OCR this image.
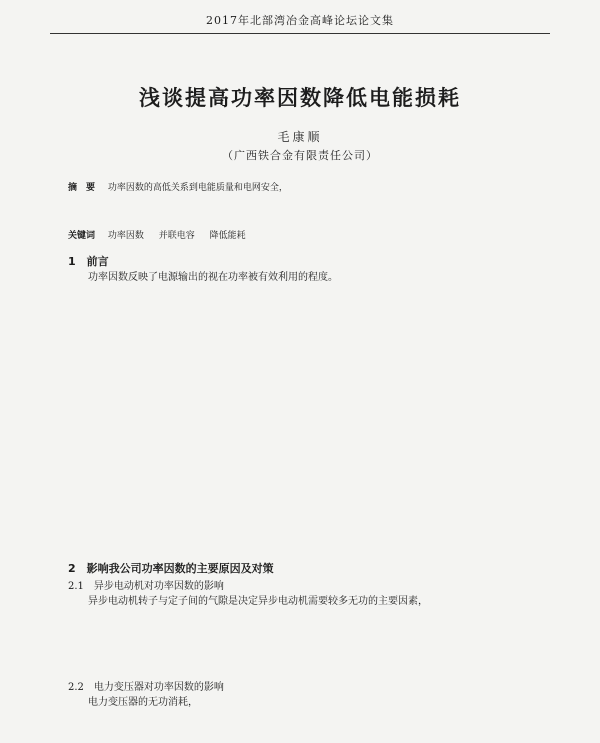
2017年北部湾冶金高峰论坛论文集
浅谈提高功率因数降低电能损耗
毛康顺
（广西铁合金有限责任公司）
摘　要 功率因数的高低关系到电能质量和电网安全，
关键词 功率因数 并联电容 降低能耗
1　前言
功率因数反映了电源输出的视在功率被有效利用的程度。
2　影响我公司功率因数的主要原因及对策
2.1　异步电动机对功率因数的影响
异步电动机转子与定子间的气隙是决定异步电动机需要较多无功的主要因素，
2.2　电力变压器对功率因数的影响
电力变压器的无功消耗，
